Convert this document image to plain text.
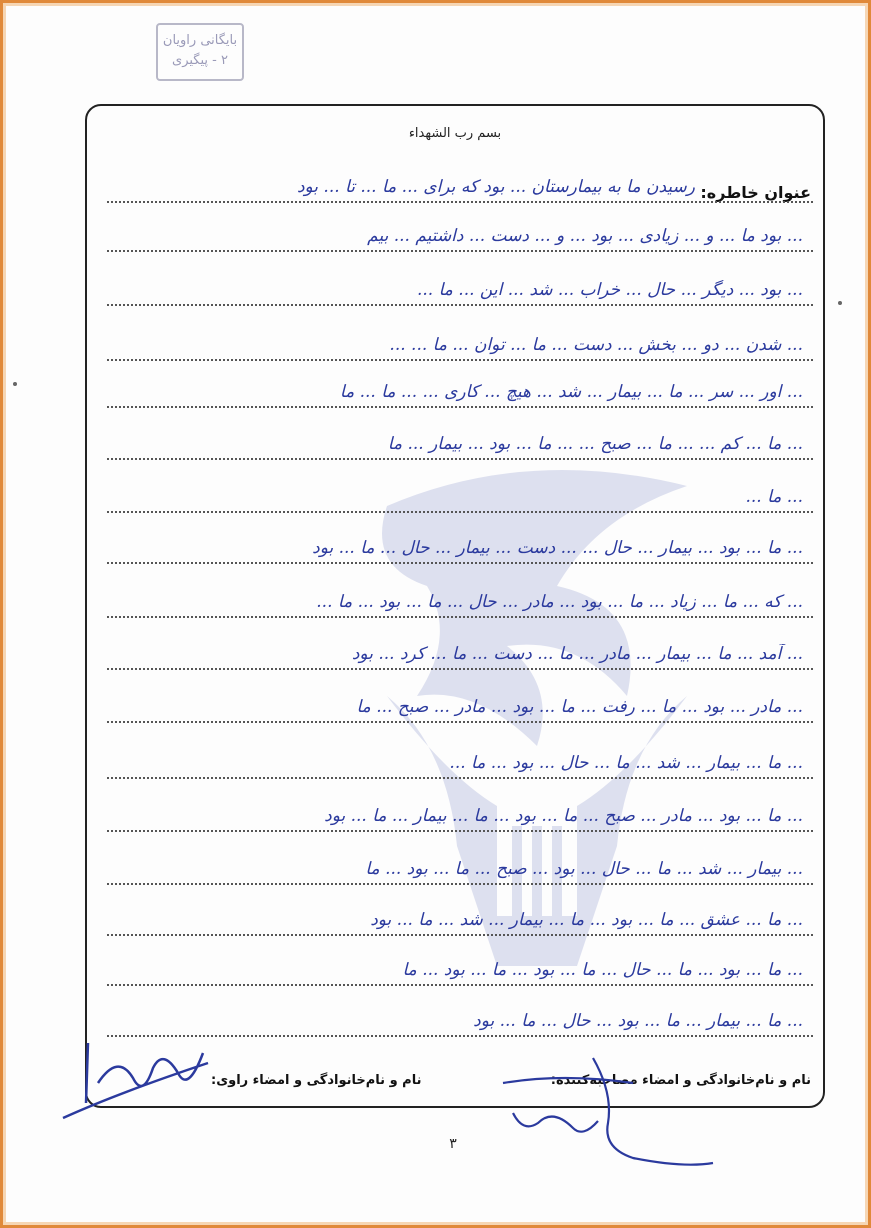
بایگانی راویان
۲ - پیگیری
بسم رب الشهداء
عنوان خاطره:
رسیدن ما به بیمارستان ... بود که برای ... ما ... تا ... بود
... بود ما ... و ... زیادی ... بود ... و ... دست ... داشتیم ... بیم
... بود ... دیگر ... حال ... خراب ... شد ... این ... ما ...
... شدن ... دو ... بخش ... دست ... ما ... توان ... ما ... ...
... اور ... سر ... ما ... بیمار ... شد ... هیچ ... کاری ... ... ما ... ما
... ما ... کم ... ... ما ... صبح ... ... ما ... بود ... بیمار ... ما
... ما ...
... ما ... بود ... بیمار ... حال ... ... دست ... بیمار ... حال ... ما ... بود
... که ... ما ... زیاد ... ما ... بود ... مادر ... حال ... ما ... بود ... ما ...
... آمد ... ما ... بیمار ... مادر ... ما ... دست ... ما ... کرد ... بود
... مادر ... بود ... ما ... رفت ... ما ... بود ... مادر ... صبح ... ما
... ما ... بیمار ... شد ... ما ... حال ... بود ... ما ...
... ما ... بود ... مادر ... صبح ... ما ... بود ... ما ... بیمار ... ما ... بود
... بیمار ... شد ... ما ... حال ... بود ... صبح ... ما ... بود ... ما
... ما ... عشق ... ما ... بود ... ما ... بیمار ... شد ... ما ... بود
... ما ... بود ... ما ... حال ... ما ... بود ... ما ... بود ... ما
... ما ... بیمار ... ما ... بود ... حال ... ما ... بود
نام و نام‌خانوادگی و امضاء مصاحبه‌کننده:
نام و نام‌خانوادگی و امضاء راوی:
۳
